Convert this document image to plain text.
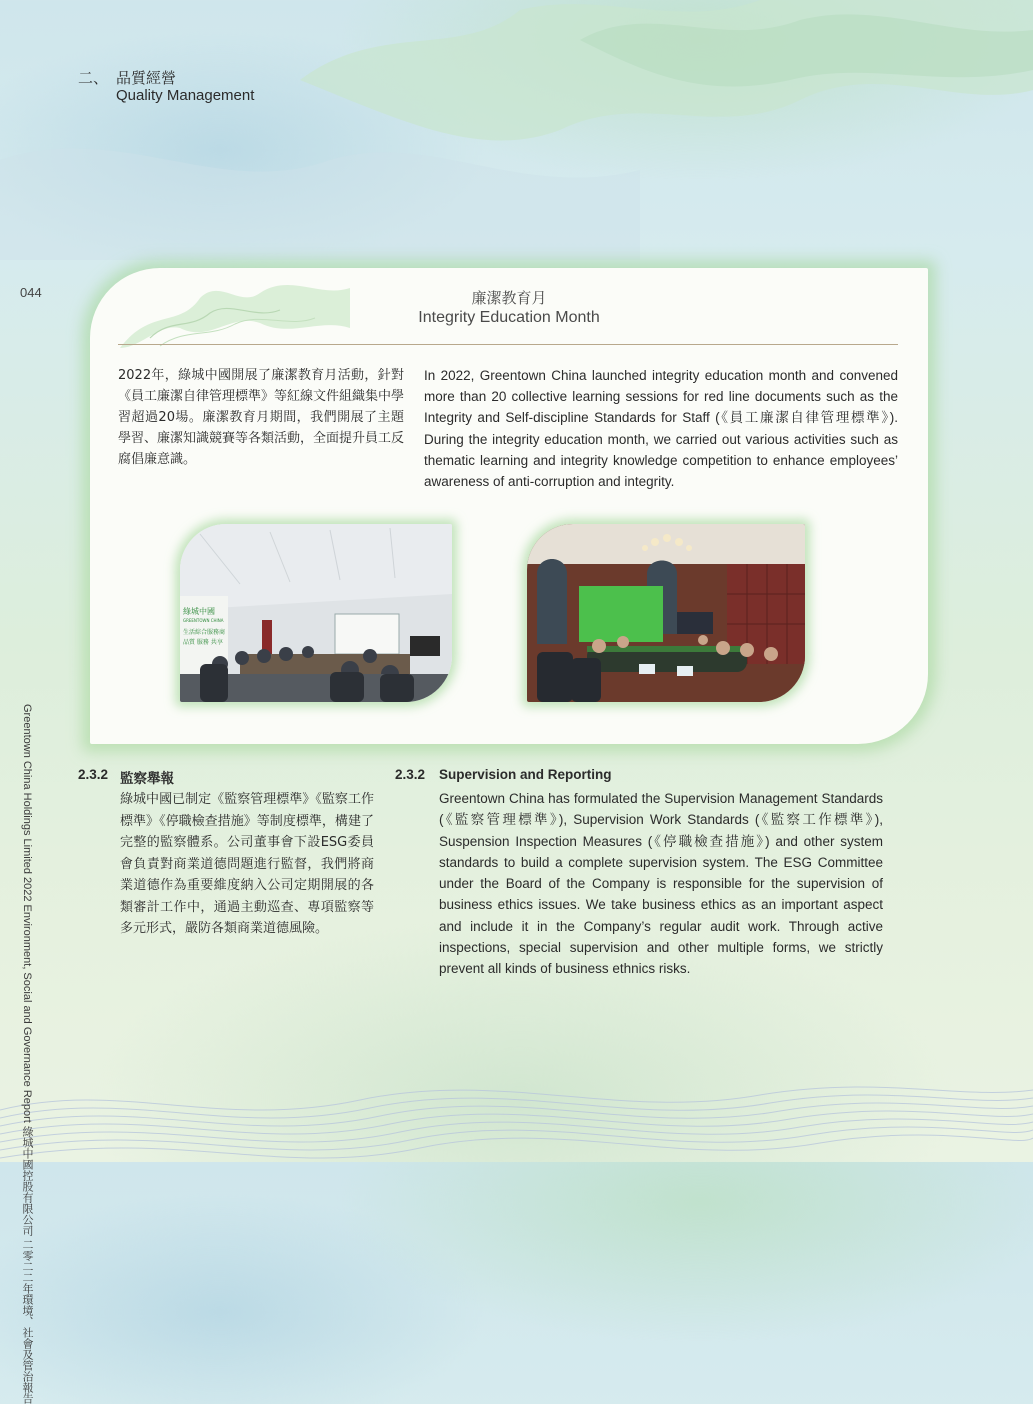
二、 品質經營
Quality Management
044
Greentown China Holdings Limited 2022 Environment, Social and Governance Report 綠城中國控股有限公司 二零二二年環境、社會及管治報告
廉潔教育月
Integrity Education Month
2022年，綠城中國開展了廉潔教育月活動，針對《員工廉潔自律管理標準》等紅線文件組織集中學習超過20場。廉潔教育月期間，我們開展了主題學習、廉潔知識競賽等各類活動，全面提升員工反腐倡廉意識。
In 2022, Greentown China launched integrity education month and convened more than 20 collective learning sessions for red line documents such as the Integrity and Self-discipline Standards for Staff (《員工廉潔自律管理標準》). During the integrity education month, we carried out various activities such as thematic learning and integrity knowledge competition to enhance employees’ awareness of anti-corruption and integrity.
綠城中國
GREENTOWN CHINA
生活綜合服務商
品質 服務 共享
2.3.2 監察舉報
綠城中國已制定《監察管理標準》《監察工作標準》《停職檢查措施》等制度標準，構建了完整的監察體系。公司董事會下設ESG委員會負責對商業道德問題進行監督，我們將商業道德作為重要維度納入公司定期開展的各類審計工作中，通過主動巡查、專項監察等多元形式，嚴防各類商業道德風險。
2.3.2 Supervision and Reporting
Greentown China has formulated the Supervision Management Standards (《監察管理標準》), Supervision Work Standards (《監察工作標準》), Suspension Inspection Measures (《停職檢查措施》) and other system standards to build a complete supervision system. The ESG Committee under the Board of the Company is responsible for the supervision of business ethics issues. We take business ethics as an important aspect and include it in the Company’s regular audit work. Through active inspections, special supervision and other multiple forms, we strictly prevent all kinds of business ethnics risks.
